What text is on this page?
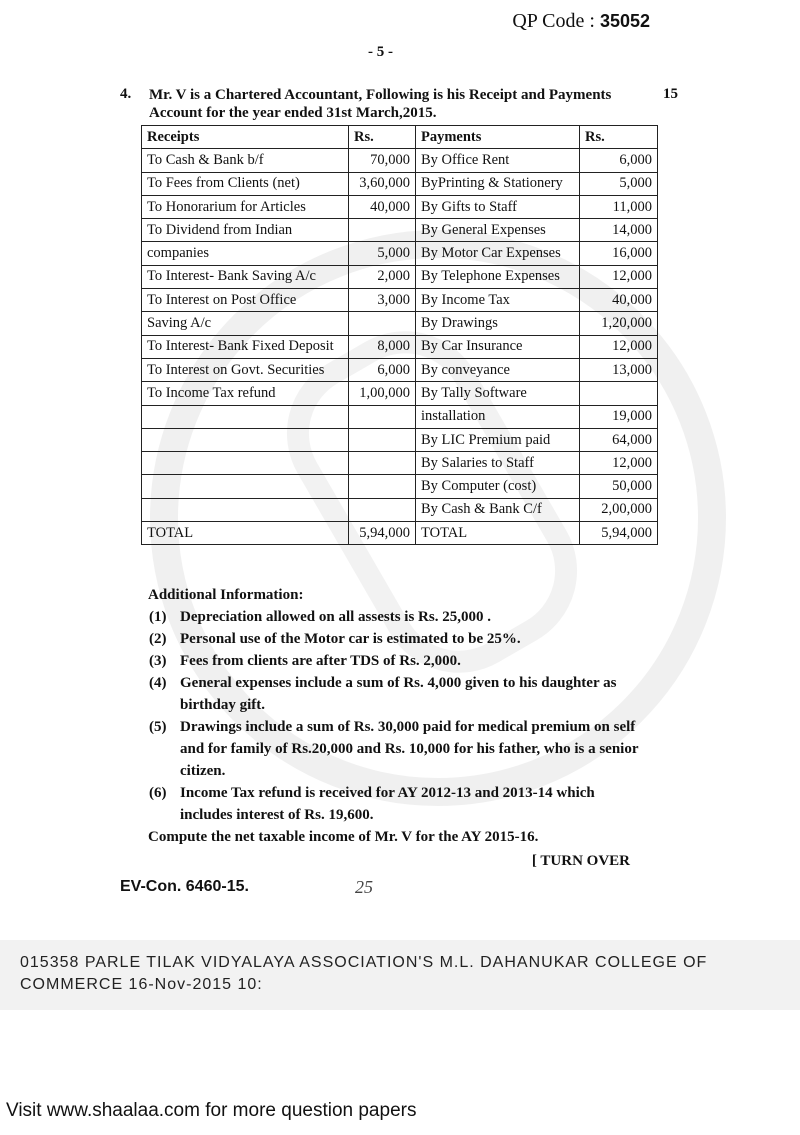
QP Code : 35052
- 5 -
4. Mr. V is a Chartered Accountant, Following is his Receipt and Payments Account for the year ended 31st March,2015.
15
Receipts	Rs.	Payments	Rs.
To Cash & Bank b/f	70,000	By Office Rent	6,000
To Fees from Clients (net)	3,60,000	ByPrinting & Stationery	5,000
To Honorarium for Articles	40,000	By Gifts to Staff	11,000
To Dividend from Indian		By General Expenses	14,000
companies	5,000	By Motor Car Expenses	16,000
To Interest- Bank Saving A/c	2,000	By Telephone Expenses	12,000
To Interest on Post Office	3,000	By Income Tax	40,000
Saving A/c		By Drawings	1,20,000
To Interest- Bank Fixed Deposit	8,000	By Car Insurance	12,000
To Interest on Govt. Securities	6,000	By conveyance	13,000
To Income Tax refund	1,00,000	By Tally Software	
		installation	19,000
		By LIC Premium paid	64,000
		By Salaries to Staff	12,000
		By Computer (cost)	50,000
		By Cash & Bank C/f	2,00,000
TOTAL	5,94,000	TOTAL	5,94,000
Additional Information:
(1) Depreciation allowed on all assests is Rs. 25,000 .
(2) Personal use of the Motor car is estimated to be 25%.
(3) Fees from clients are after TDS of Rs. 2,000.
(4) General expenses include a sum of Rs. 4,000 given to his daughter as birthday gift.
(5) Drawings include a sum of Rs. 30,000 paid for medical premium on self and for family of Rs.20,000 and Rs. 10,000 for his father, who is a senior citizen.
(6) Income Tax refund is received for AY 2012-13 and 2013-14 which includes interest of Rs. 19,600.
Compute the net taxable income of Mr. V for the AY 2015-16.
[ TURN OVER
EV-Con. 6460-15.	25
015358 PARLE TILAK VIDYALAYA ASSOCIATION'S M.L. DAHANUKAR COLLEGE OF COMMERCE 16-Nov-2015 10:
Visit www.shaalaa.com for more question papers
